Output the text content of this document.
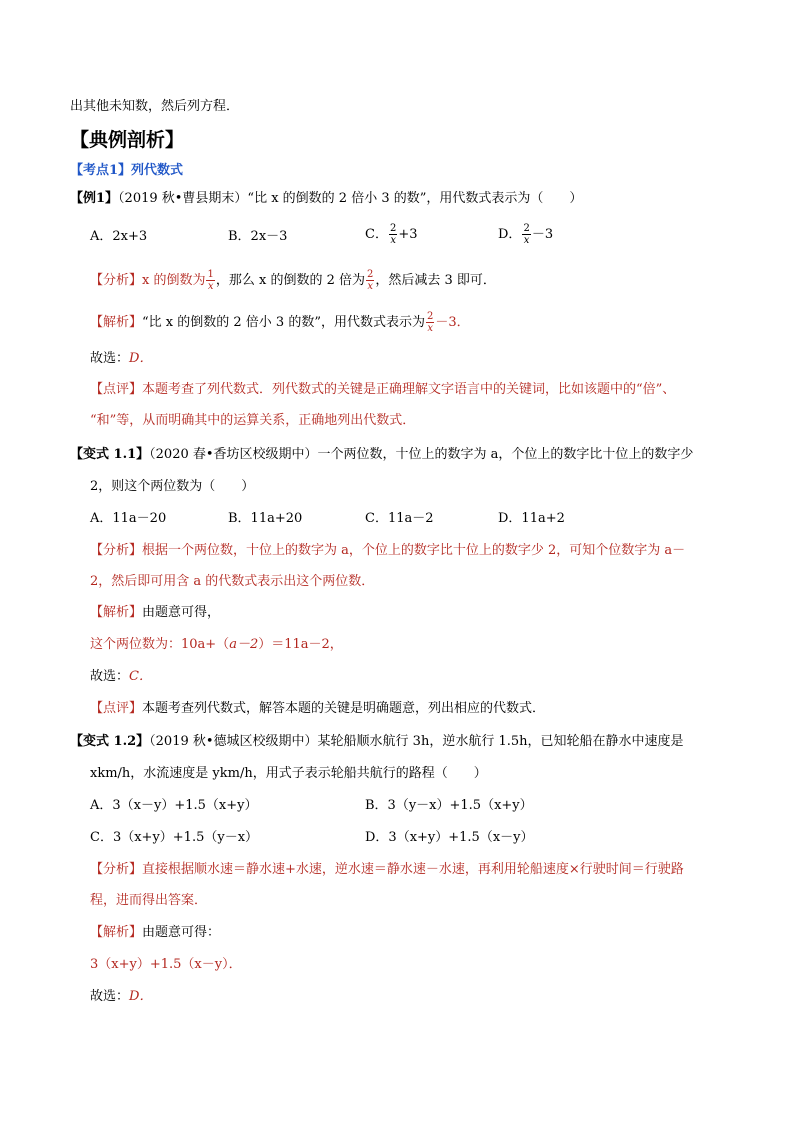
出其他未知数，然后列方程．
【典例剖析】
【考点1】列代数式
【例1】（2019 秋•曹县期末）“比 x 的倒数的 2 倍小 3 的数”，用代数式表示为（　　）
A．2x+3	B．2x－3	C． $\frac{2}{x} +3$	D． $\frac{2}{x} -3$
【分析】x 的倒数为 $\frac{1}{x}$ ，那么 x 的倒数的 2 倍为 $\frac{2}{x}$ ，然后减去 3 即可．
【解析】“比 x 的倒数的 2 倍小 3 的数”，用代数式表示为 $\frac{2}{x} -3$．
故选：D．
【点评】本题考查了列代数式．列代数式的关键是正确理解文字语言中的关键词，比如该题中的“倍”、
“和”等，从而明确其中的运算关系，正确地列出代数式．
【变式 1.1】（2020 春•香坊区校级期中）一个两位数，十位上的数字为 a，个位上的数字比十位上的数字少
2，则这个两位数为（　　）
A．11a－20	B．11a+20	C．11a－2	D．11a+2
【分析】根据一个两位数，十位上的数字为 a，个位上的数字比十位上的数字少 2，可知个位数字为 a－
2，然后即可用含 a 的代数式表示出这个两位数．
【解析】由题意可得，
这个两位数为：10a+（a－2）＝11a－2，
故选：C．
【点评】本题考查列代数式，解答本题的关键是明确题意，列出相应的代数式．
【变式 1.2】（2019 秋•德城区校级期中）某轮船顺水航行 3h，逆水航行 1.5h，已知轮船在静水中速度是
xkm/h，水流速度是 ykm/h，用式子表示轮船共航行的路程（　　）
A．3（x－y）+1.5（x+y）	B．3（y－x）+1.5（x+y）
C．3（x+y）+1.5（y－x）	D．3（x+y）+1.5（x－y）
【分析】直接根据顺水速＝静水速+水速，逆水速＝静水速－水速，再利用轮船速度×行驶时间＝行驶路
程，进而得出答案．
【解析】由题意可得：
3（x+y）+1.5（x－y）．
故选：D．
